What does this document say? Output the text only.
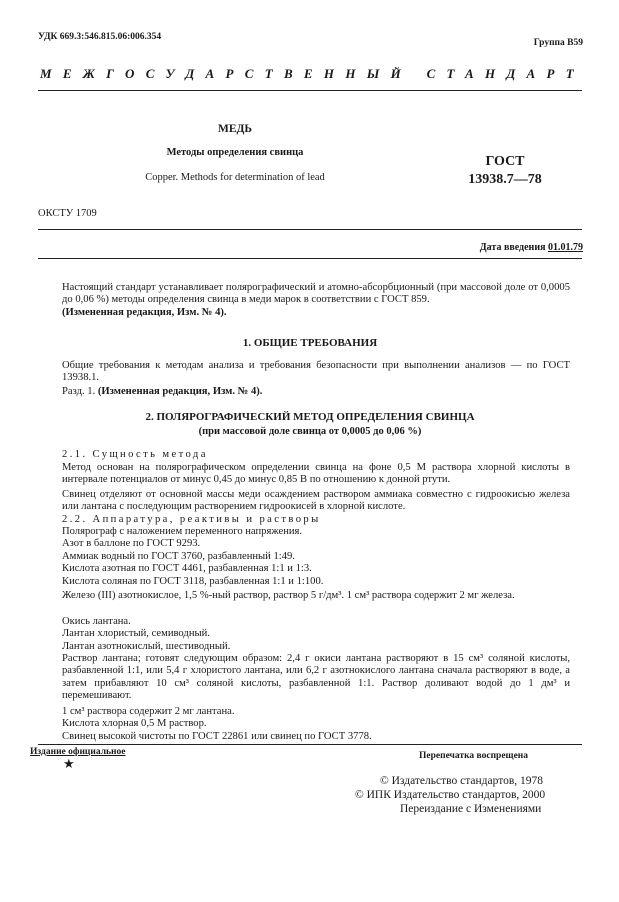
УДК 669.3:546.815.06:006.354
Группа В59
МЕЖГОСУДАРСТВЕННЫЙ СТАНДАРТ
МЕДЬ
Методы определения свинца
Copper. Methods for determination of lead
ГОСТ
13938.7—78
ОКСТУ 1709
Дата введения 01.01.79
Настоящий стандарт устанавливает полярографический и атомно-абсорбционный (при массовой доле от 0,0005 до 0,06 %) методы определения свинца в меди марок в соответствии с ГОСТ 859.
(Измененная редакция, Изм. № 4).
1. ОБЩИЕ ТРЕБОВАНИЯ
Общие требования к методам анализа и требования безопасности при выполнении анализов — по ГОСТ 13938.1.
Разд. 1. (Измененная редакция, Изм. № 4).
2. ПОЛЯРОГРАФИЧЕСКИЙ МЕТОД ОПРЕДЕЛЕНИЯ СВИНЦА
(при массовой доле свинца от 0,0005 до 0,06 %)
2.1. Сущность метода
Метод основан на полярографическом определении свинца на фоне 0,5 М раствора хлорной кислоты в интервале потенциалов от минус 0,45 до минус 0,85 В по отношению к донной ртути.
Свинец отделяют от основной массы меди осаждением раствором аммиака совместно с гидроокисью железа или лантана с последующим растворением гидроокисей в хлорной кислоте.
2.2. Аппаратура, реактивы и растворы
Полярограф с наложением переменного напряжения.
Азот в баллоне по ГОСТ 9293.
Аммиак водный по ГОСТ 3760, разбавленный 1:49.
Кислота азотная по ГОСТ 4461, разбавленная 1:1 и 1:3.
Кислота соляная по ГОСТ 3118, разбавленная 1:1 и 1:100.
Железо (III) азотнокислое, 1,5 %-ный раствор, раствор 5 г/дм³. 1 см³ раствора содержит 2 мг железа.
Окись лантана.
Лантан хлористый, семиводный.
Лантан азотнокислый, шестиводный.
Раствор лантана; готовят следующим образом: 2,4 г окиси лантана растворяют в 15 см³ соляной кислоты, разбавленной 1:1, или 5,4 г хлористого лантана, или 6,2 г азотнокислого лантана сначала растворяют в воде, а затем прибавляют 10 см³ соляной кислоты, разбавленной 1:1. Раствор доливают водой до 1 дм³ и перемешивают.
1 см³ раствора содержит 2 мг лантана.
Кислота хлорная 0,5 М раствор.
Свинец высокой чистоты по ГОСТ 22861 или свинец по ГОСТ 3778.
Издание официальное
★	Перепечатка воспрещена
© Издательство стандартов, 1978
© ИПК Издательство стандартов, 2000
Переиздание с Изменениями
